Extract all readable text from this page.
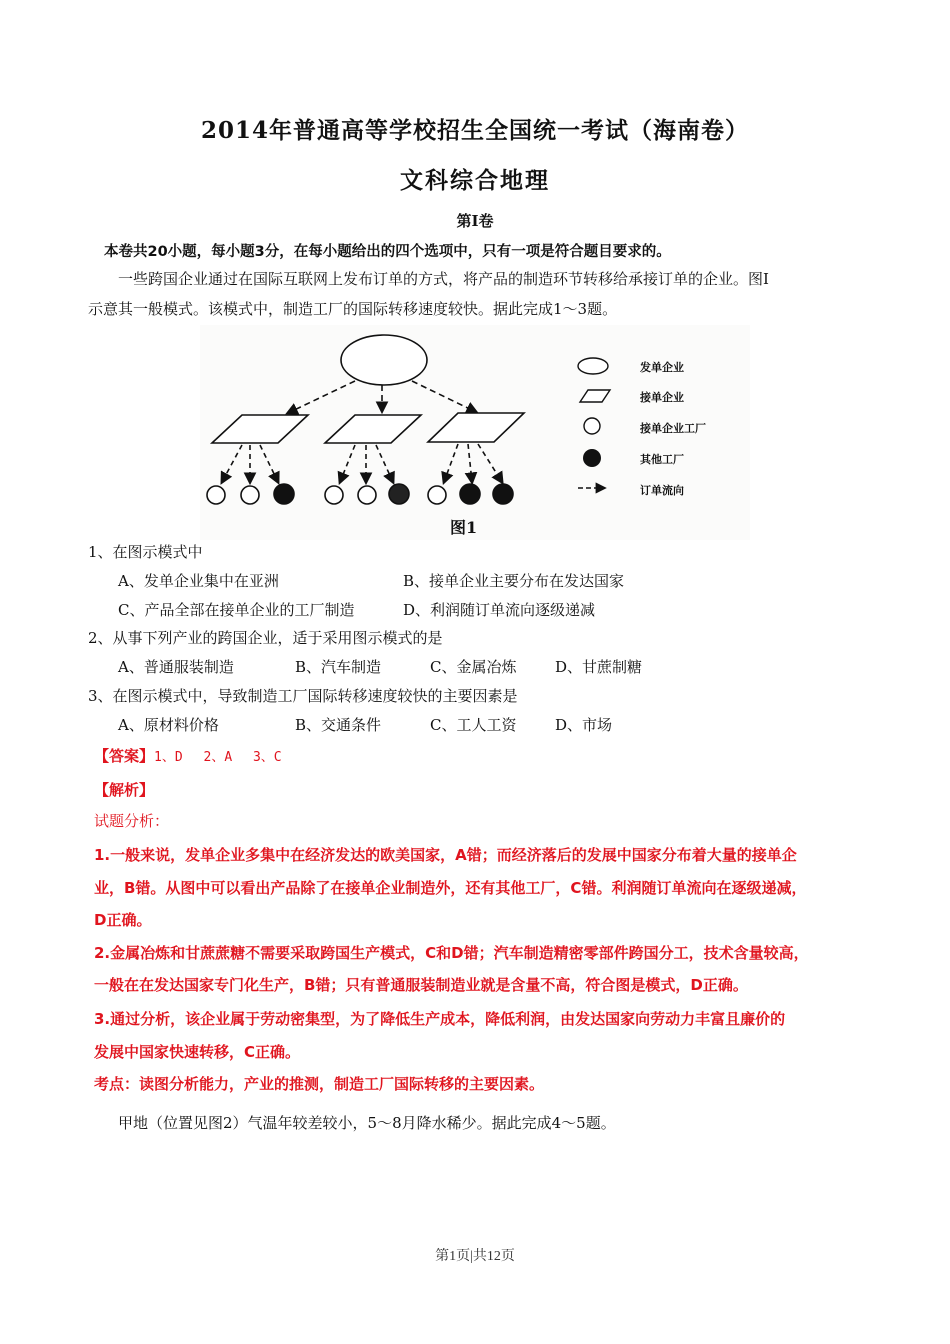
2014年普通高等学校招生全国统一考试（海南卷）
文科综合地理
第Ⅰ卷
本卷共20小题，每小题3分，在每小题给出的四个选项中，只有一项是符合题目要求的。
一些跨国企业通过在国际互联网上发布订单的方式，将产品的制造环节转移给承接订单的企业。图Ⅰ
示意其一般模式。该模式中，制造工厂的国际转移速度较快。据此完成1～3题。
发单企业
接单企业
接单企业工厂
其他工厂
订单流向
图1
1、在图示模式中
A、发单企业集中在亚洲	B、接单企业主要分布在发达国家
C、产品全部在接单企业的工厂制造	D、利润随订单流向逐级递减
2、从事下列产业的跨国企业，适于采用图示模式的是
A、普通服装制造	B、汽车制造	C、金属冶炼	D、甘蔗制糖
3、在图示模式中，导致制造工厂国际转移速度较快的主要因素是
A、原材料价格	B、交通条件	C、工人工资	D、市场
【答案】1、D　 2、A　 3、C
【解析】
试题分析：
1.一般来说，发单企业多集中在经济发达的欧美国家，A错；而经济落后的发展中国家分布着大量的接单企
业，B错。从图中可以看出产品除了在接单企业制造外，还有其他工厂，C错。利润随订单流向在逐级递减，
D正确。
2.金属冶炼和甘蔗蔗糖不需要采取跨国生产模式，C和D错；汽车制造精密零部件跨国分工，技术含量较高，
一般在在发达国家专门化生产，B错；只有普通服装制造业就是含量不高，符合图是模式，D正确。
3.通过分析，该企业属于劳动密集型，为了降低生产成本，降低利润，由发达国家向劳动力丰富且廉价的
发展中国家快速转移，C正确。
考点：读图分析能力，产业的推测，制造工厂国际转移的主要因素。
甲地（位置见图2）气温年较差较小，5～8月降水稀少。据此完成4～5题。
第1页|共12页
